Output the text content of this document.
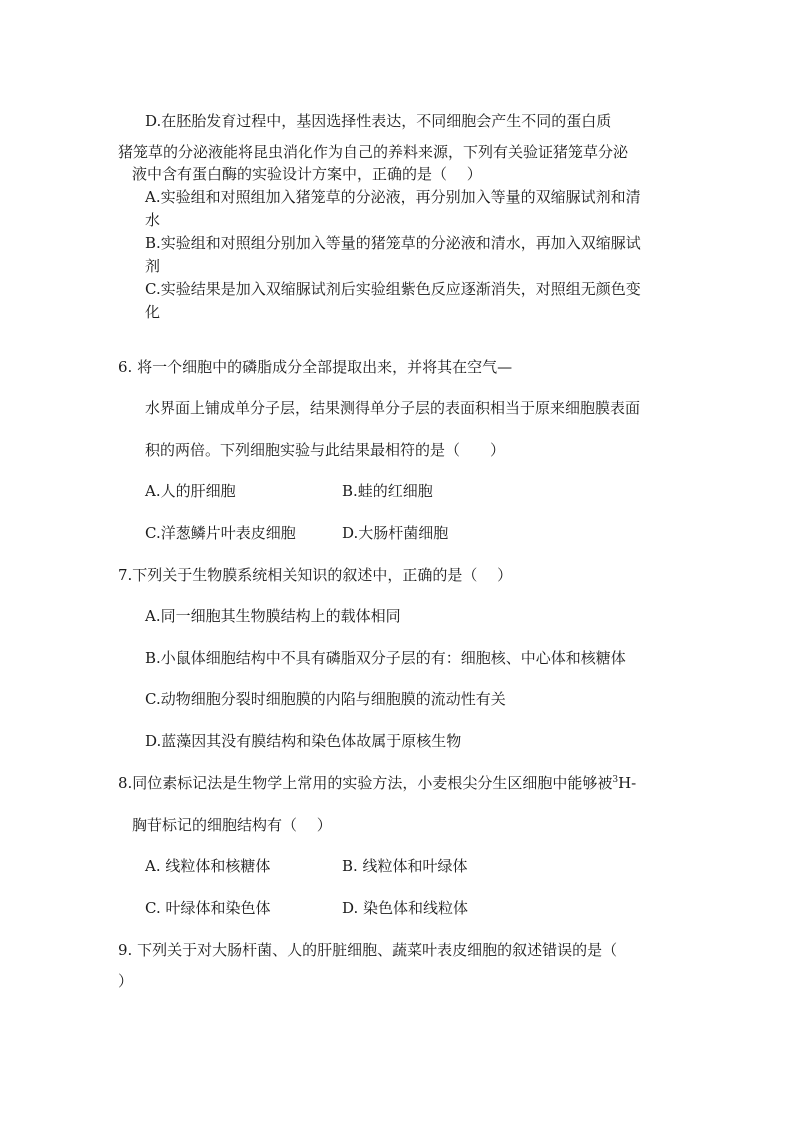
D.在胚胎发育过程中，基因选择性表达，不同细胞会产生不同的蛋白质
猪笼草的分泌液能将昆虫消化作为自己的养料来源，下列有关验证猪笼草分泌
液中含有蛋白酶的实验设计方案中，正确的是（　 ）
A.实验组和对照组加入猪笼草的分泌液，再分别加入等量的双缩脲试剂和清
水
B.实验组和对照组分别加入等量的猪笼草的分泌液和清水，再加入双缩脲试
剂
C.实验结果是加入双缩脲试剂后实验组紫色反应逐渐消失，对照组无颜色变
化
6. 将一个细胞中的磷脂成分全部提取出来，并将其在空气—
水界面上铺成单分子层，结果测得单分子层的表面积相当于原来细胞膜表面
积的两倍。下列细胞实验与此结果最相符的是（　　）
A.人的肝细胞	B.蛙的红细胞
C.洋葱鳞片叶表皮细胞	D.大肠杆菌细胞
7.下列关于生物膜系统相关知识的叙述中，正确的是（　 ）
A.同一细胞其生物膜结构上的载体相同
B.小鼠体细胞结构中不具有磷脂双分子层的有：细胞核、中心体和核糖体
C.动物细胞分裂时细胞膜的内陷与细胞膜的流动性有关
D.蓝藻因其没有膜结构和染色体故属于原核生物
8.同位素标记法是生物学上常用的实验方法，小麦根尖分生区细胞中能够被$^3$H-
胸苷标记的细胞结构有（　 ）
A. 线粒体和核糖体	B. 线粒体和叶绿体
C. 叶绿体和染色体	D. 染色体和线粒体
9. 下列关于对大肠杆菌、人的肝脏细胞、蔬菜叶表皮细胞的叙述错误的是（
）
